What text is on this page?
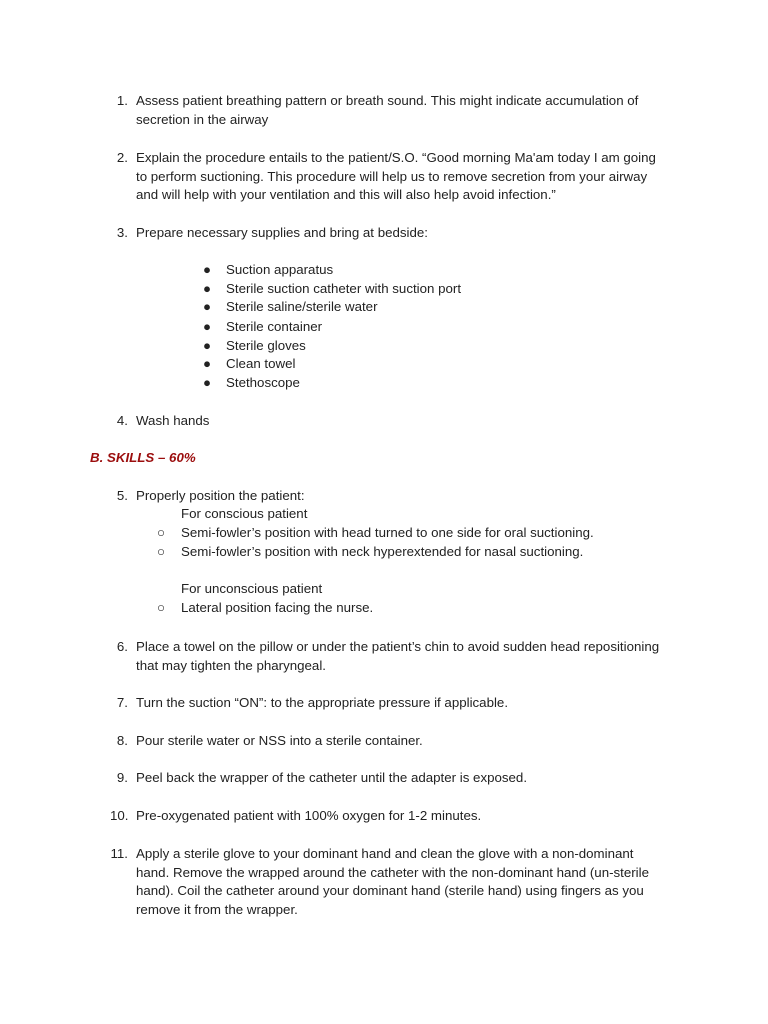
1. Assess patient breathing pattern or breath sound. This might indicate accumulation of secretion in the airway
2. Explain the procedure entails to the patient/S.O. “Good morning Ma'am today I am going to perform suctioning. This procedure will help us to remove secretion from your airway and will help with your ventilation and this will also help avoid infection.”
3. Prepare necessary supplies and bring at bedside:
● Suction apparatus
● Sterile suction catheter with suction port
● Sterile saline/sterile water
● Sterile container
● Sterile gloves
● Clean towel
● Stethoscope
4. Wash hands
B. SKILLS – 60%
5. Properly position the patient:
For conscious patient
○ Semi-fowler’s position with head turned to one side for oral suctioning.
○ Semi-fowler’s position with neck hyperextended for nasal suctioning.
For unconscious patient
○ Lateral position facing the nurse.
6. Place a towel on the pillow or under the patient’s chin to avoid sudden head repositioning that may tighten the pharyngeal.
7. Turn the suction “ON”: to the appropriate pressure if applicable.
8. Pour sterile water or NSS into a sterile container.
9. Peel back the wrapper of the catheter until the adapter is exposed.
10. Pre-oxygenated patient with 100% oxygen for 1-2 minutes.
11. Apply a sterile glove to your dominant hand and clean the glove with a non-dominant hand. Remove the wrapped around the catheter with the non-dominant hand (un-sterile hand). Coil the catheter around your dominant hand (sterile hand) using fingers as you remove it from the wrapper.
